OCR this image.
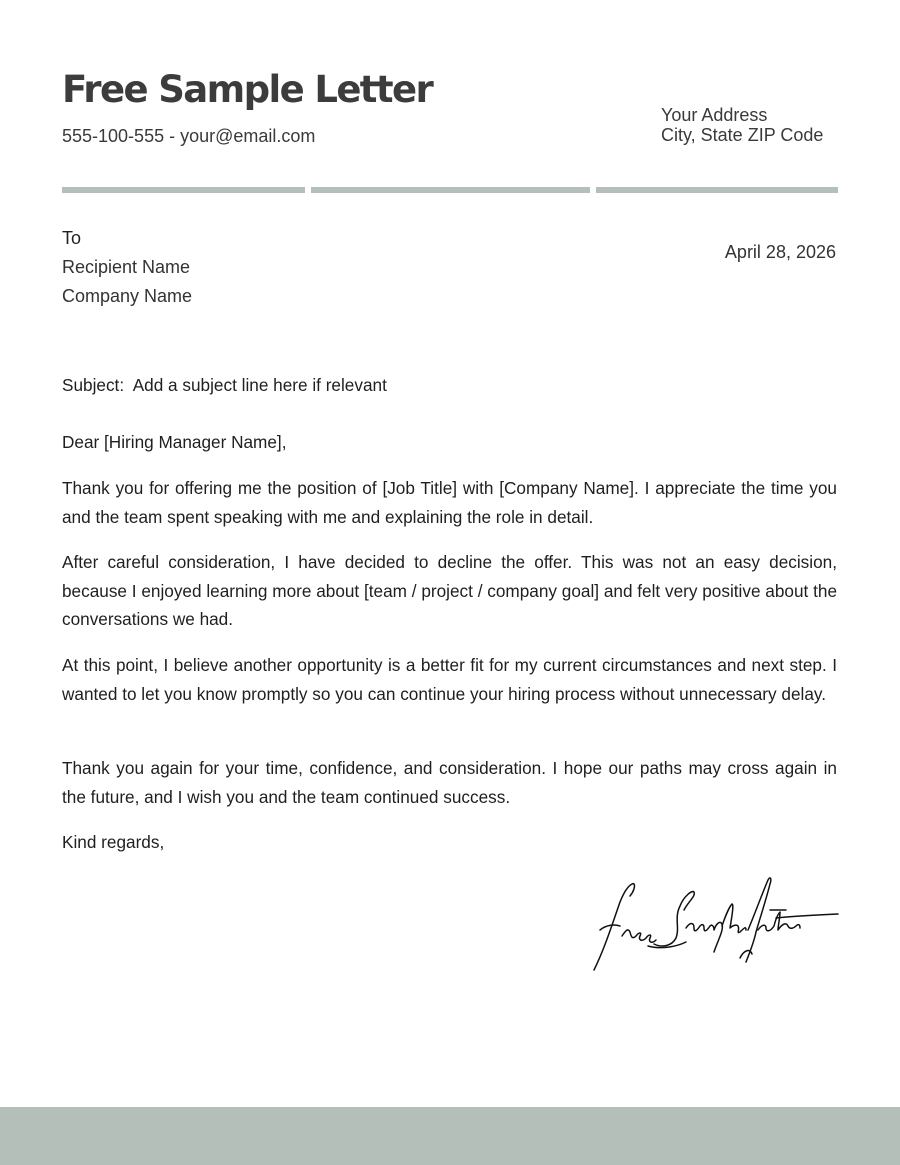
Free Sample Letter
555-100-555 - your@email.com
Your Address
City, State ZIP Code
To
Recipient Name
Company Name
April 28, 2026
Subject:  Add a subject line here if relevant
Dear [Hiring Manager Name],
Thank you for offering me the position of [Job Title] with [Company Name]. I appreciate the time you and the team spent speaking with me and explaining the role in detail.
After careful consideration, I have decided to decline the offer. This was not an easy decision, because I enjoyed learning more about [team / project / company goal] and felt very positive about the conversations we had.
At this point, I believe another opportunity is a better fit for my current circumstances and next step. I wanted to let you know promptly so you can continue your hiring process without unnecessary delay.
Thank you again for your time, confidence, and consideration. I hope our paths may cross again in the future, and I wish you and the team continued success.
Kind regards,
